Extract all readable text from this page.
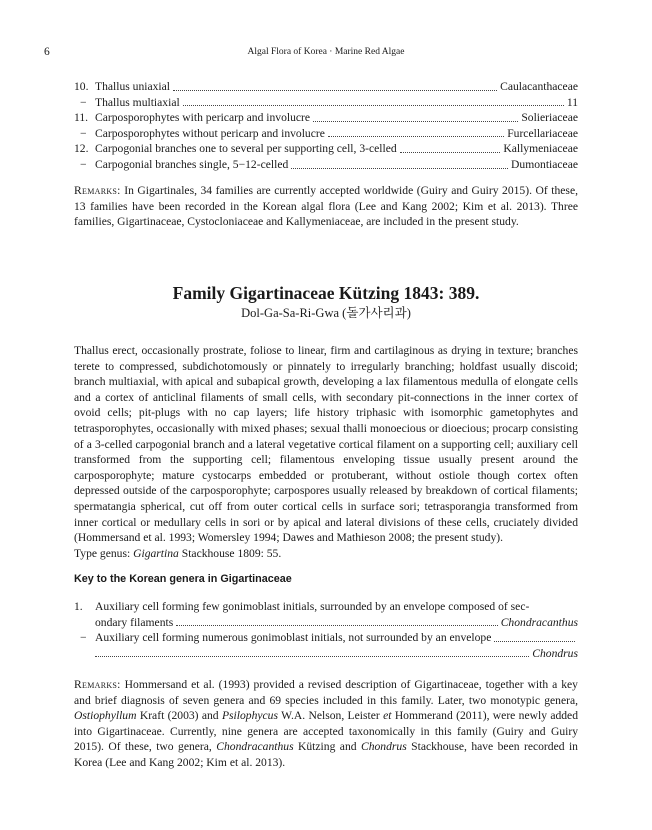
6	Algal Flora of Korea · Marine Red Algae
10. Thallus uniaxial	Caulacanthaceae
− Thallus multiaxial	11
11. Carposporophytes with pericarp and involucre	Solieriaceae
− Carposporophytes without pericarp and involucre	Furcellariaceae
12. Carpogonial branches one to several per supporting cell, 3-celled	Kallymeniaceae
− Carpogonial branches single, 5−12-celled	Dumontiaceae
Remarks: In Gigartinales, 34 families are currently accepted worldwide (Guiry and Guiry 2015). Of these, 13 families have been recorded in the Korean algal flora (Lee and Kang 2002; Kim et al. 2013). Three families, Gigartinaceae, Cystocloniaceae and Kallymeniaceae, are included in the present study.
Family Gigartinaceae Kützing 1843: 389.
Dol-Ga-Sa-Ri-Gwa (돌가사리과)
Thallus erect, occasionally prostrate, foliose to linear, firm and cartilaginous as drying in texture; branches terete to compressed, subdichotomously or pinnately to irregularly branching; holdfast usually discoid; branch multiaxial, with apical and subapical growth, developing a lax filamentous medulla of elongate cells and a cortex of anticlinal filaments of small cells, with secondary pit-connections in the inner cortex of ovoid cells; pit-plugs with no cap layers; life history triphasic with isomorphic gametophytes and tetrasporophytes, occasionally with mixed phases; sexual thalli monoecious or dioecious; procarp consisting of a 3-celled carpogonial branch and a lateral vegetative cortical filament on a supporting cell; auxiliary cell transformed from the supporting cell; filamentous enveloping tissue usually present around the carposporophyte; mature cystocarps embedded or protuberant, without ostiole though cortex often depressed outside of the carposporophyte; carpospores usually released by breakdown of cortical filaments; spermatangia spherical, cut off from outer cortical cells in surface sori; tetrasporangia transformed from inner cortical or medullary cells in sori or by apical and lateral divisions of these cells, cruciately divided (Hommersand et al. 1993; Womersley 1994; Dawes and Mathieson 2008; the present study).
Type genus: Gigartina Stackhouse 1809: 55.
Key to the Korean genera in Gigartinaceae
1.	Auxiliary cell forming few gonimoblast initials, surrounded by an envelope composed of sec-
ondary filaments	Chondracanthus
− Auxiliary cell forming numerous gonimoblast initials, not surrounded by an envelope
Chondrus
Remarks: Hommersand et al. (1993) provided a revised description of Gigartinaceae, together with a key and brief diagnosis of seven genera and 69 species included in this family. Later, two monotypic genera, Ostiophyllum Kraft (2003) and Psilophycus W.A. Nelson, Leister et Hommerand (2011), were newly added into Gigartinaceae. Currently, nine genera are accepted taxonomically in this family (Guiry and Guiry 2015). Of these, two genera, Chondracanthus Kützing and Chondrus Stackhouse, have been recorded in Korea (Lee and Kang 2002; Kim et al. 2013).
